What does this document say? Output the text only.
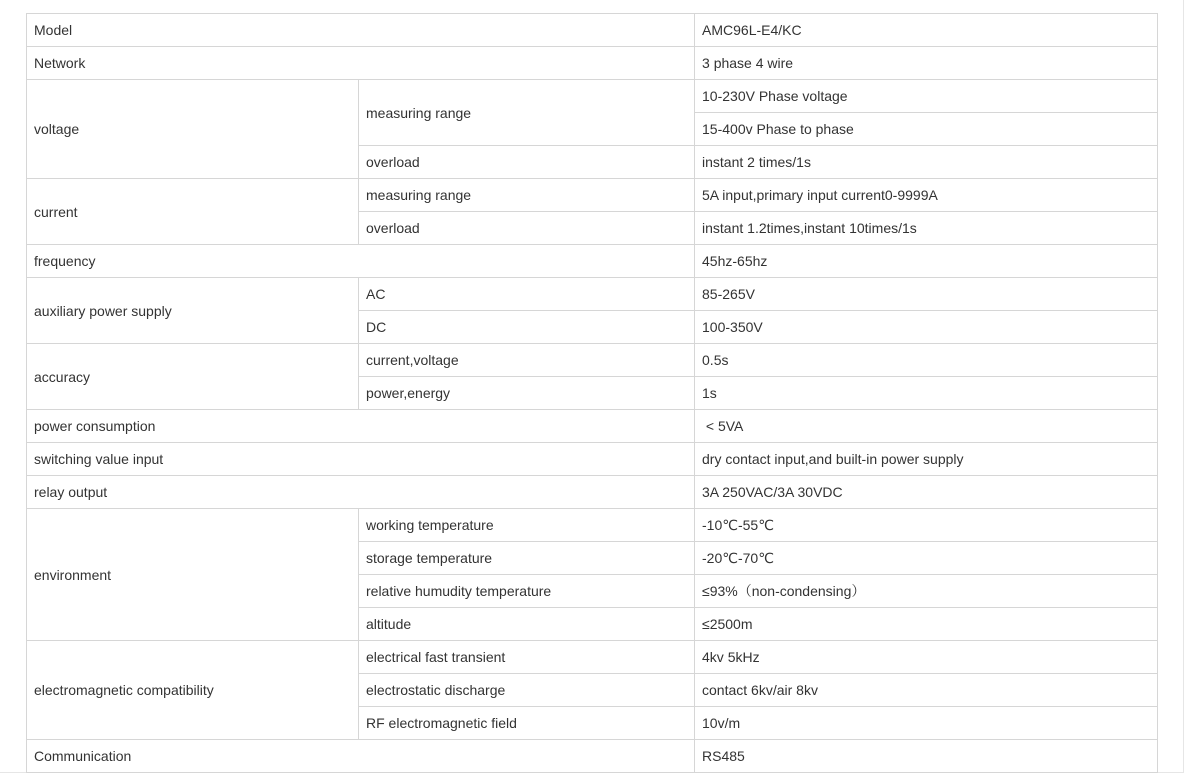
Model		AMC96L-E4/KC
Network		3 phase 4 wire
voltage	measuring range	10-230V Phase voltage
		15-400v Phase to phase
	overload	instant 2 times/1s
current	measuring range	5A input,primary input current0-9999A
	overload	instant 1.2times,instant 10times/1s
frequency		45hz-65hz
auxiliary power supply	AC	85-265V
	DC	100-350V
accuracy	current,voltage	0.5s
	power,energy	1s
power consumption		< 5VA
switching value input		dry contact input,and built-in power supply
relay output		3A 250VAC/3A 30VDC
environment	working temperature	-10℃-55℃
	storage temperature	-20℃-70℃
	relative humudity temperature	≤93%（non-condensing）
	altitude	≤2500m
electromagnetic compatibility	electrical fast transient	4kv 5kHz
	electrostatic discharge	contact 6kv/air 8kv
	RF electromagnetic field	10v/m
Communication		RS485
